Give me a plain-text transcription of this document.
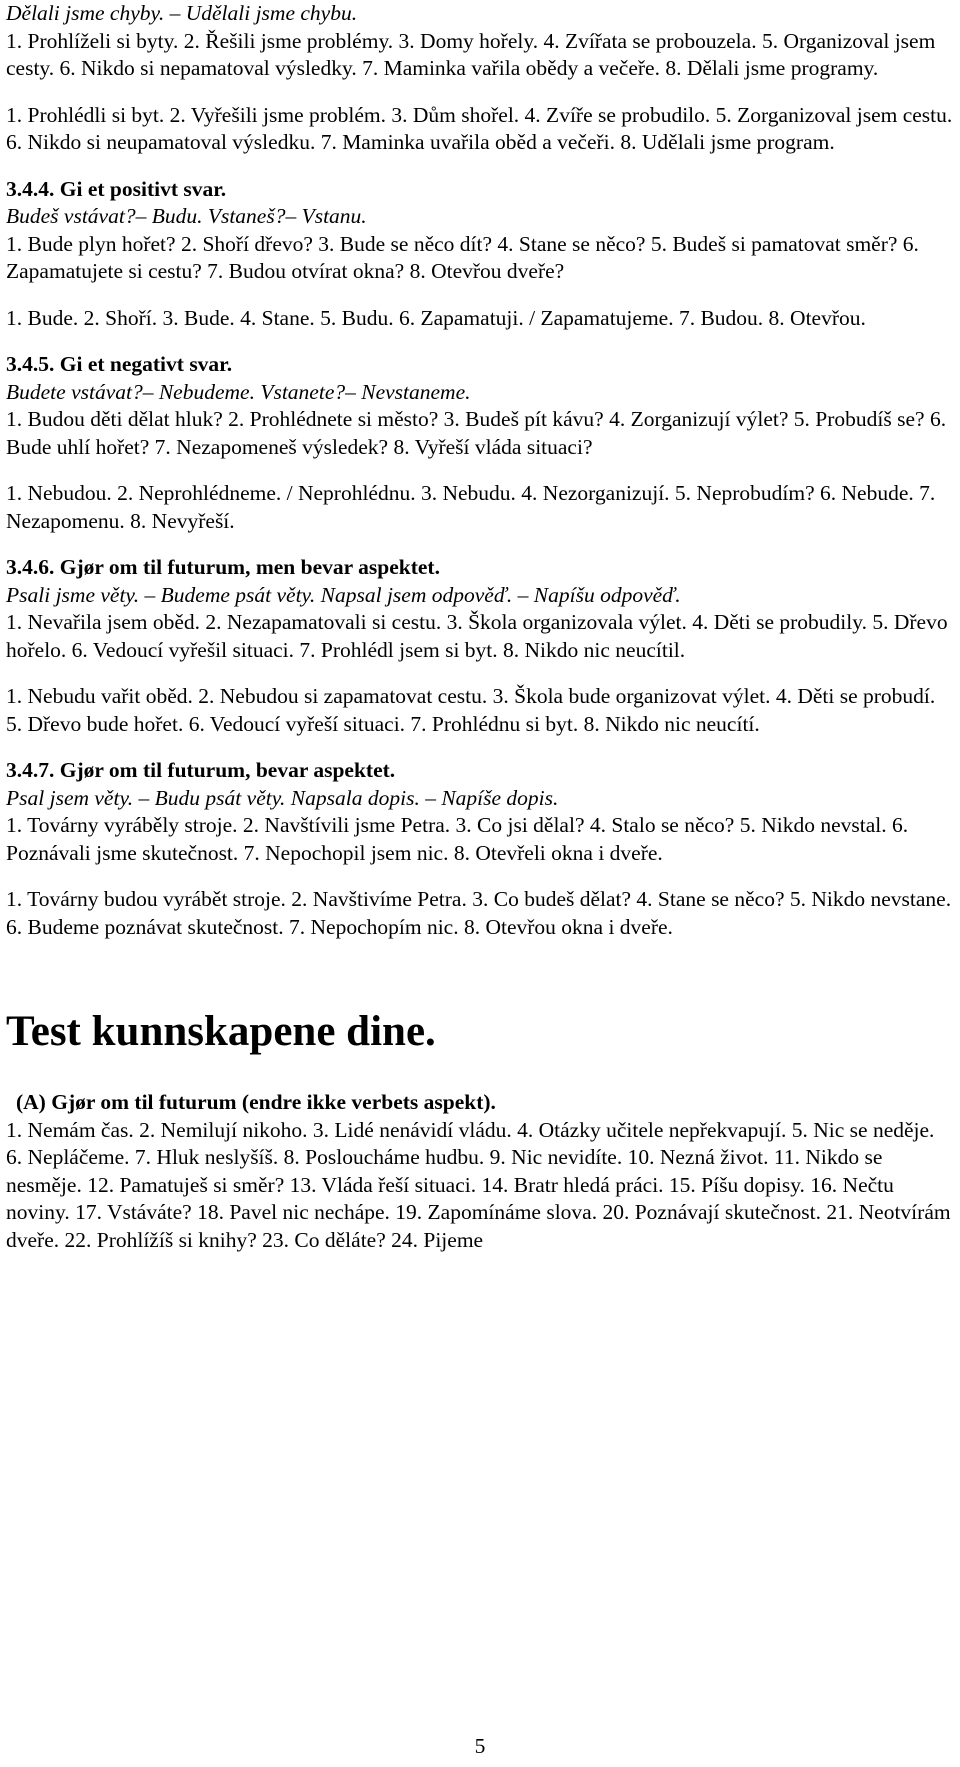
Dělali jsme chyby. – Udělali jsme chybu.

1. Prohlíželi si byty. 2. Řešili jsme problémy. 3. Domy hořely. 4. Zvířata se probouzela. 5. Organizoval jsem cesty. 6. Nikdo si nepamatoval výsledky. 7. Maminka vařila obědy a večeře. 8. Dělali jsme programy.

1. Prohlédli si byt. 2. Vyřešili jsme problém. 3. Dům shořel. 4. Zvíře se probudilo. 5. Zorganizoval jsem cestu. 6. Nikdo si neupamatoval výsledku. 7. Maminka uvařila oběd a večeři. 8. Udělali jsme program.

3.4.4. Gi et positivt svar.

Budeš vstávat?– Budu. Vstaneš?– Vstanu.

1. Bude plyn hořet? 2. Shoří dřevo? 3. Bude se něco dít? 4. Stane se něco? 5. Budeš si pamatovat směr? 6. Zapamatujete si cestu? 7. Budou otvírat okna? 8. Otevřou dveře?

1. Bude. 2. Shoří. 3. Bude. 4. Stane. 5. Budu. 6. Zapamatuji. / Zapamatujeme. 7. Budou. 8. Otevřou.

3.4.5. Gi et negativt svar.

Budete vstávat?– Nebudeme. Vstanete?– Nevstaneme.

1. Budou děti dělat hluk? 2. Prohlédnete si město? 3. Budeš pít kávu? 4. Zorganizují výlet? 5. Probudíš se? 6. Bude uhlí hořet? 7. Nezapomeneš výsledek? 8. Vyřeší vláda situaci?

1. Nebudou. 2. Neprohlédneme. / Neprohlédnu. 3. Nebudu. 4. Nezorganizují. 5. Neprobudím? 6. Nebude. 7. Nezapomenu. 8. Nevyřeší.

3.4.6. Gjør om til futurum, men bevar aspektet.

Psali jsme věty. – Budeme psát věty. Napsal jsem odpověď. – Napíšu odpověď.

1. Nevařila jsem oběd. 2. Nezapamatovali si cestu. 3. Škola organizovala výlet. 4. Děti se probudily. 5. Dřevo hořelo. 6. Vedoucí vyřešil situaci. 7. Prohlédl jsem si byt. 8. Nikdo nic neucítil.

1. Nebudu vařit oběd. 2. Nebudou si zapamatovat cestu. 3. Škola bude organizovat výlet. 4. Děti se probudí. 5. Dřevo bude hořet. 6. Vedoucí vyřeší situaci. 7. Prohlédnu si byt. 8. Nikdo nic neucítí.

3.4.7. Gjør om til futurum, bevar aspektet.

Psal jsem věty. – Budu psát věty. Napsala dopis. – Napíše dopis.

1. Továrny vyráběly stroje. 2. Navštívili jsme Petra. 3. Co jsi dělal? 4. Stalo se něco? 5. Nikdo nevstal. 6. Poznávali jsme skutečnost. 7. Nepochopil jsem nic. 8. Otevřeli okna i dveře.

1. Továrny budou vyrábět stroje. 2. Navštivíme Petra. 3. Co budeš dělat? 4. Stane se něco? 5. Nikdo nevstane. 6. Budeme poznávat skutečnost. 7. Nepochopím nic. 8. Otevřou okna i dveře.

Test kunnskapene dine.

(A) Gjør om til futurum (endre ikke verbets aspekt).

1. Nemám čas. 2. Nemilují nikoho. 3. Lidé nenávidí vládu. 4. Otázky učitele nepřekvapují. 5. Nic se neděje. 6. Nepláčeme. 7. Hluk neslyšíš. 8. Posloucháme hudbu. 9. Nic nevidíte. 10. Nezná život. 11. Nikdo se nesměje. 12. Pamatuješ si směr? 13. Vláda řeší situaci. 14. Bratr hledá práci. 15. Píšu dopisy. 16. Nečtu noviny. 17. Vstáváte? 18. Pavel nic nechápe. 19. Zapomínáme slova. 20. Poznávají skutečnost. 21. Neotvírám dveře. 22. Prohlížíš si knihy? 23. Co děláte? 24. Pijeme

5
